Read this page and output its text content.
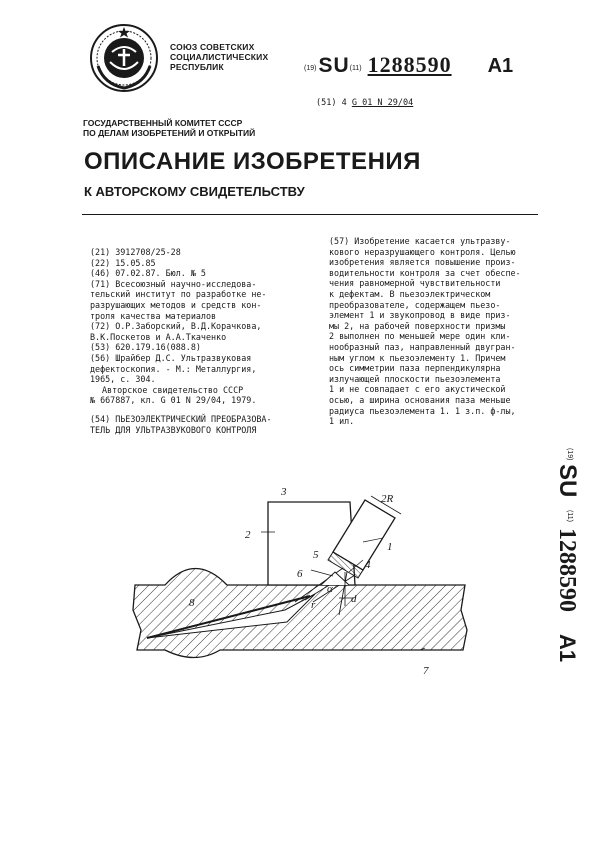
СОЮЗ СОВЕТСКИХ
СОЦИАЛИСТИЧЕСКИХ
РЕСПУБЛИК	(19)SU(11) 1288590 A1
(51) 4 G 01 N 29/04
ГОСУДАРСТВЕННЫЙ КОМИТЕТ СССР
ПО ДЕЛАМ ИЗОБРЕТЕНИЙ И ОТКРЫТИЙ
ОПИСАНИЕ ИЗОБРЕТЕНИЯ
К АВТОРСКОМУ СВИДЕТЕЛЬСТВУ
(21) 3912708/25-28
(22) 15.05.85
(46) 07.02.87. Бюл. № 5
(71) Всесоюзный научно-исследова-
тельский институт по разработке не-
разрушающих методов и средств кон-
троля качества материалов
(72) О.Р.Заборский, В.Д.Корачкова,
В.К.Поскетов и А.А.Ткаченко
(53) 620.179.16(088.8)
(56) Шрайбер Д.С. Ультразвуковая
дефектоскопия. - М.: Металлургия,
1965, с. 304.
Авторское свидетельство СССР
№ 667887, кл. G 01 N 29/04, 1979.
(54) ПЬЕЗОЭЛЕКТРИЧЕСКИЙ ПРЕОБРАЗОВА-
ТЕЛЬ ДЛЯ УЛЬТРАЗВУКОВОГО КОНТРОЛЯ
(57) Изобретение касается ультразву-
кового неразрушающего контроля. Целью
изобретения является повышение произ-
водительности контроля за счет обеспе-
чения равномерной чувствительности
к дефектам. В пьезоэлектрическом
преобразователе, содержащем пьезо-
элемент 1 и звукопровод в виде приз-
мы 2, на рабочей поверхности призмы
2 выполнен по меньшей мере один кли-
нообразный паз, направленный двугран-
ным углом к пьезоэлементу 1. Причем
ось симметрии паза перпендикулярна
излучающей плоскости пьезоэлемента
1 и не совпадает с его акустической
осью, а ширина основания паза меньше
радиуса пьезоэлемента 1. 1 з.п. ф-лы,
1 ил.
(19)
SU
(11)
1288590
A1
3
2R
2
1
5
4
6
α
d
r
8
7
